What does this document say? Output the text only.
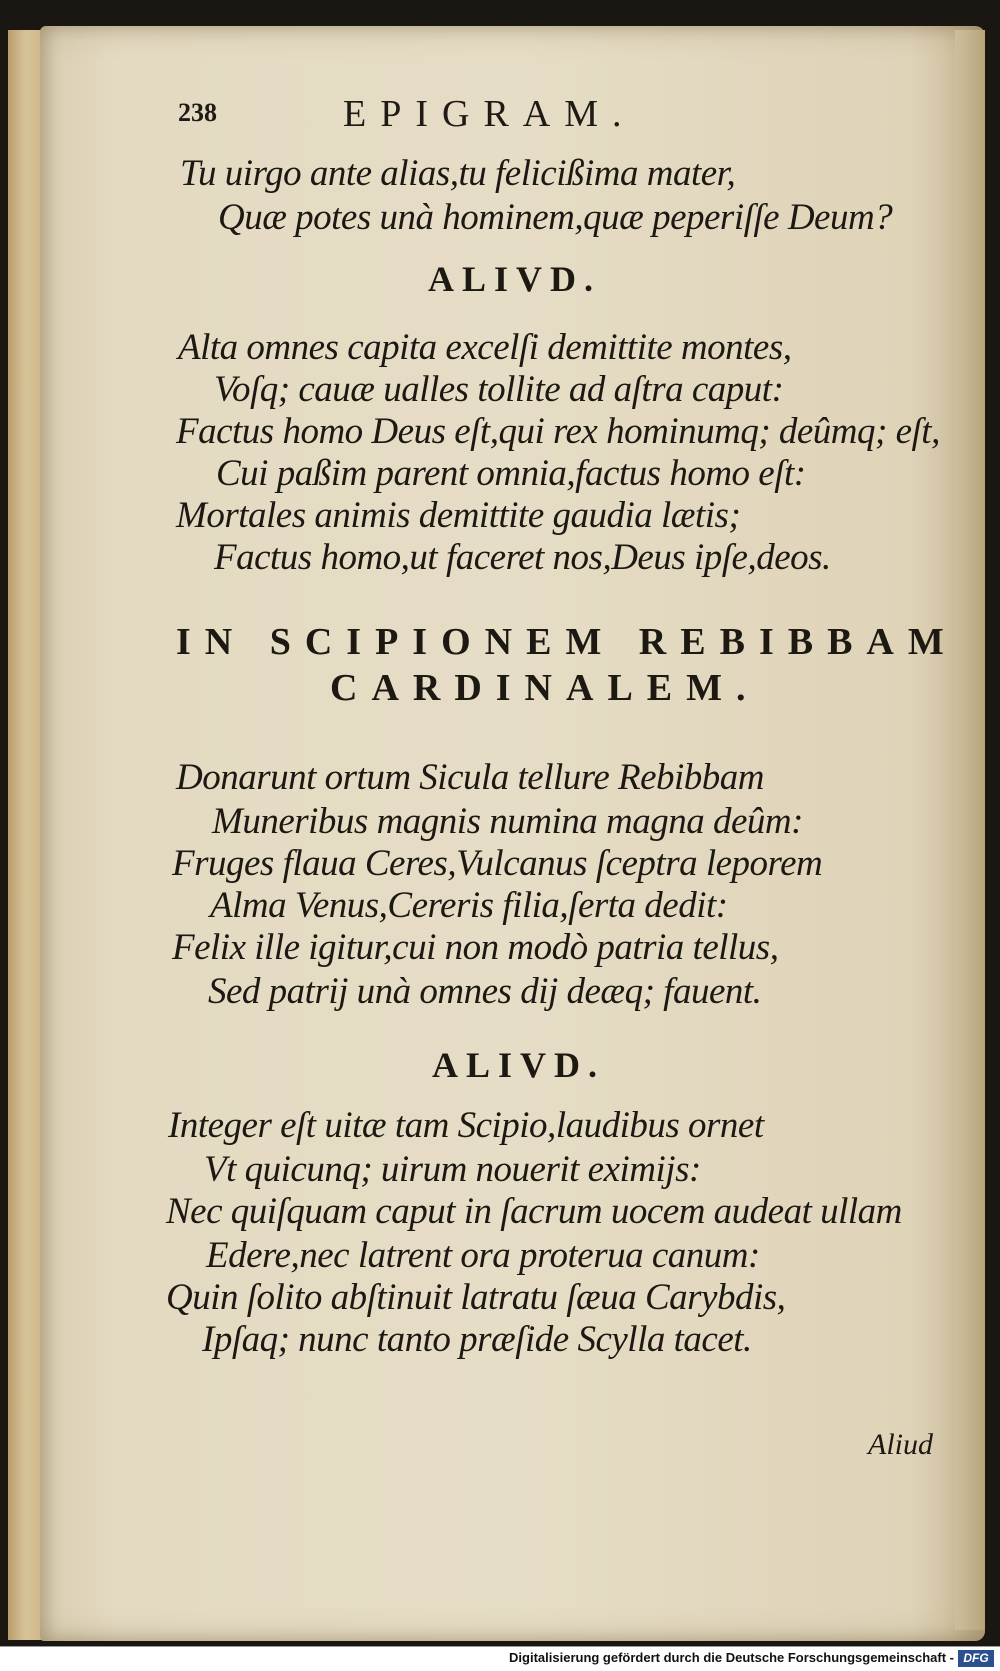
238	EPIGRAM.
Tu uirgo ante alias,tu felicißima mater,
Quæ potes unà hominem,quæ peperiſſe Deum?
ALIVD.
Alta omnes capita excelſi demittite montes,
Voſq; cauæ ualles tollite ad aſtra caput:
Factus homo Deus eſt,qui rex hominumq; deûmq; eſt,
Cui paßim parent omnia,factus homo eſt:
Mortales animis demittite gaudia lætis;
Factus homo,ut faceret nos,Deus ipſe,deos.
IN SCIPIONEM REBIBBAM
CARDINALEM.
Donarunt ortum Sicula tellure Rebibbam
Muneribus magnis numina magna deûm:
Fruges flaua Ceres,Vulcanus ſceptra leporem
Alma Venus,Cereris filia,ſerta dedit:
Felix ille igitur,cui non modò patria tellus,
Sed patrij unà omnes dij deæq; fauent.
ALIVD.
Integer eſt uitæ tam Scipio,laudibus ornet
Vt quicunq; uirum nouerit eximijs:
Nec quiſquam caput in ſacrum uocem audeat ullam
Edere,nec latrent ora proterua canum:
Quin ſolito abſtinuit latratu ſæua Carybdis,
Ipſaq; nunc tanto præſide Scylla tacet.
Aliud
Digitalisierung gefördert durch die Deutsche Forschungsgemeinschaft - DFG
